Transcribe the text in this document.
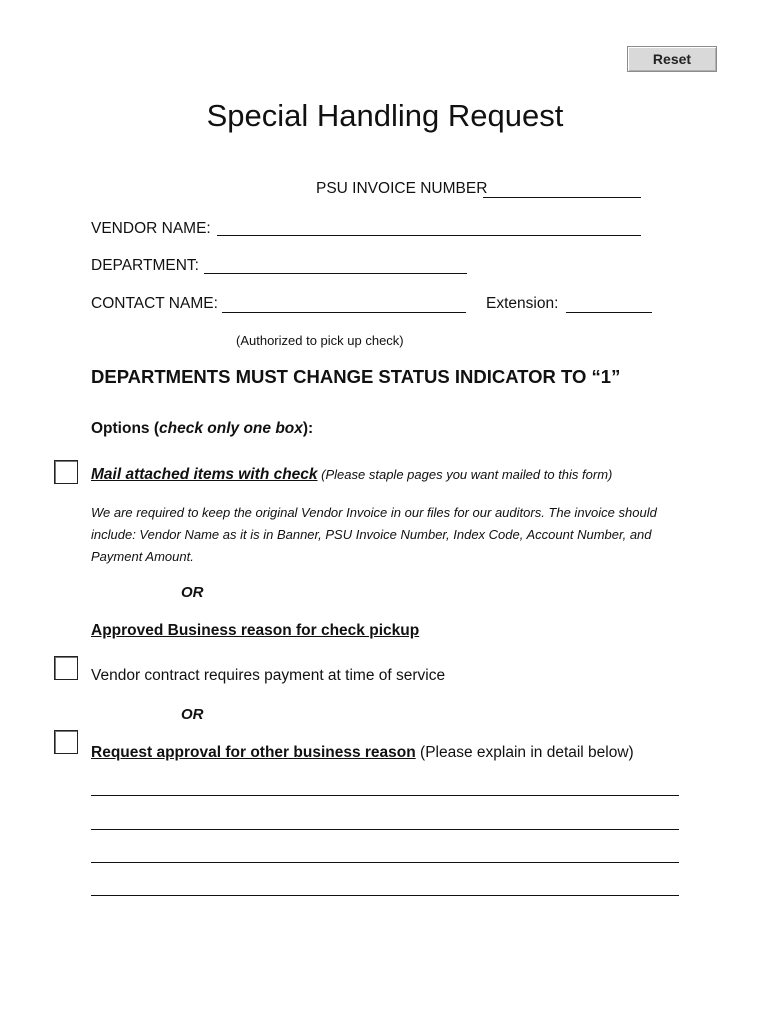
Reset
Special Handling Request
PSU INVOICE NUMBER
VENDOR NAME:
DEPARTMENT:
CONTACT NAME:	Extension:
(Authorized to pick up check)
DEPARTMENTS MUST CHANGE STATUS INDICATOR TO “1”
Options (check only one box):
Mail attached items with check (Please staple pages you want mailed to this form)
We are required to keep the original Vendor Invoice in our files for our auditors. The invoice should include: Vendor Name as it is in Banner, PSU Invoice Number, Index Code, Account Number, and Payment Amount.
OR
Approved Business reason for check pickup
Vendor contract requires payment at time of service
OR
Request approval for other business reason (Please explain in detail below)
